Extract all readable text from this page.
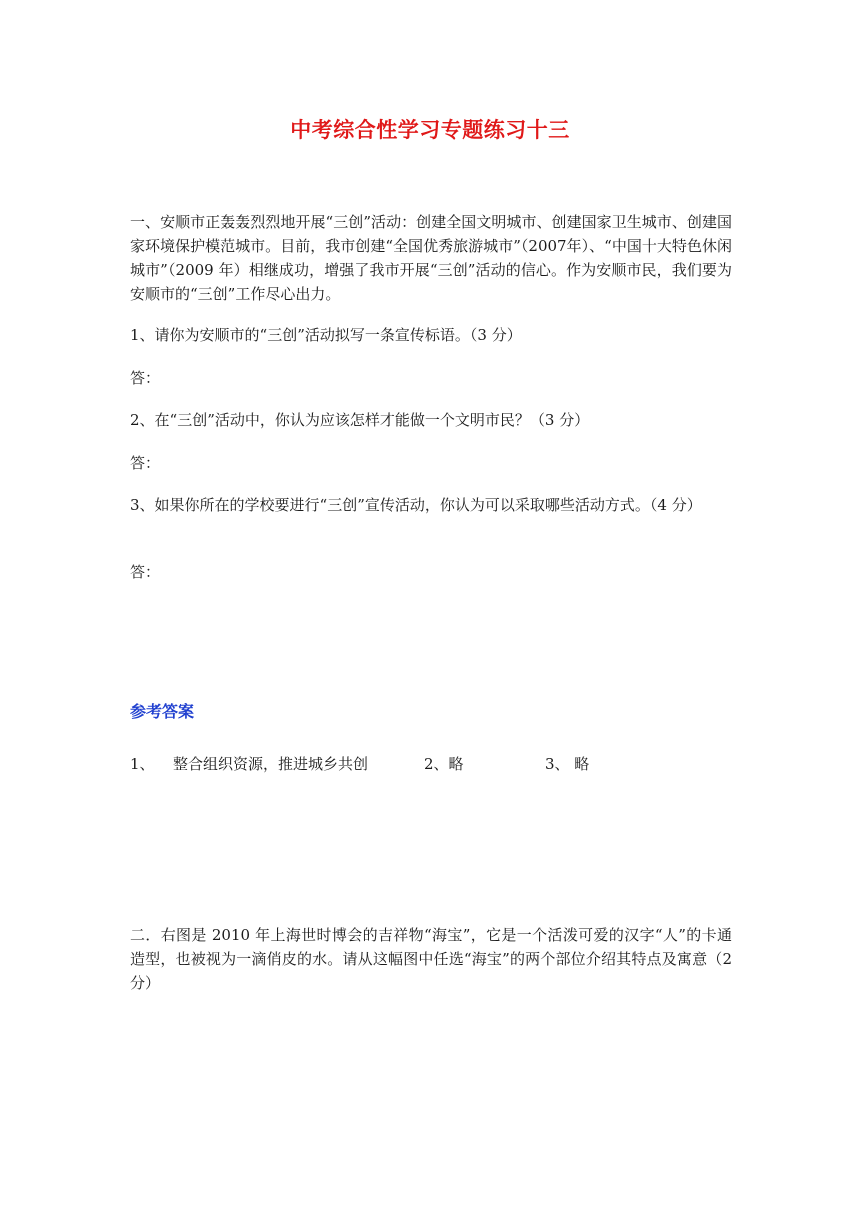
中考综合性学习专题练习十三
一、安顺市正轰轰烈烈地开展“三创”活动：创建全国文明城市、创建国家卫生城市、创建国家环境保护模范城市。目前，我市创建“全国优秀旅游城市”（2007年）、“中国十大特色休闲城市”（2009 年）相继成功，增强了我市开展“三创”活动的信心。作为安顺市民，我们要为安顺市的“三创”工作尽心出力。
1、请你为安顺市的“三创”活动拟写一条宣传标语。（3 分）
答：
2、在“三创”活动中，你认为应该怎样才能做一个文明市民？（3 分）
答：
3、如果你所在的学校要进行“三创”宣传活动，你认为可以采取哪些活动方式。（4 分）
答：
参考答案
1、 整合组织资源，推进城乡共创	2、略	3、 略
二．右图是 2010 年上海世时博会的吉祥物“海宝”，它是一个活泼可爱的汉字“人”的卡通造型，也被视为一滴俏皮的水。请从这幅图中任选“海宝”的两个部位介绍其特点及寓意（2 分）
